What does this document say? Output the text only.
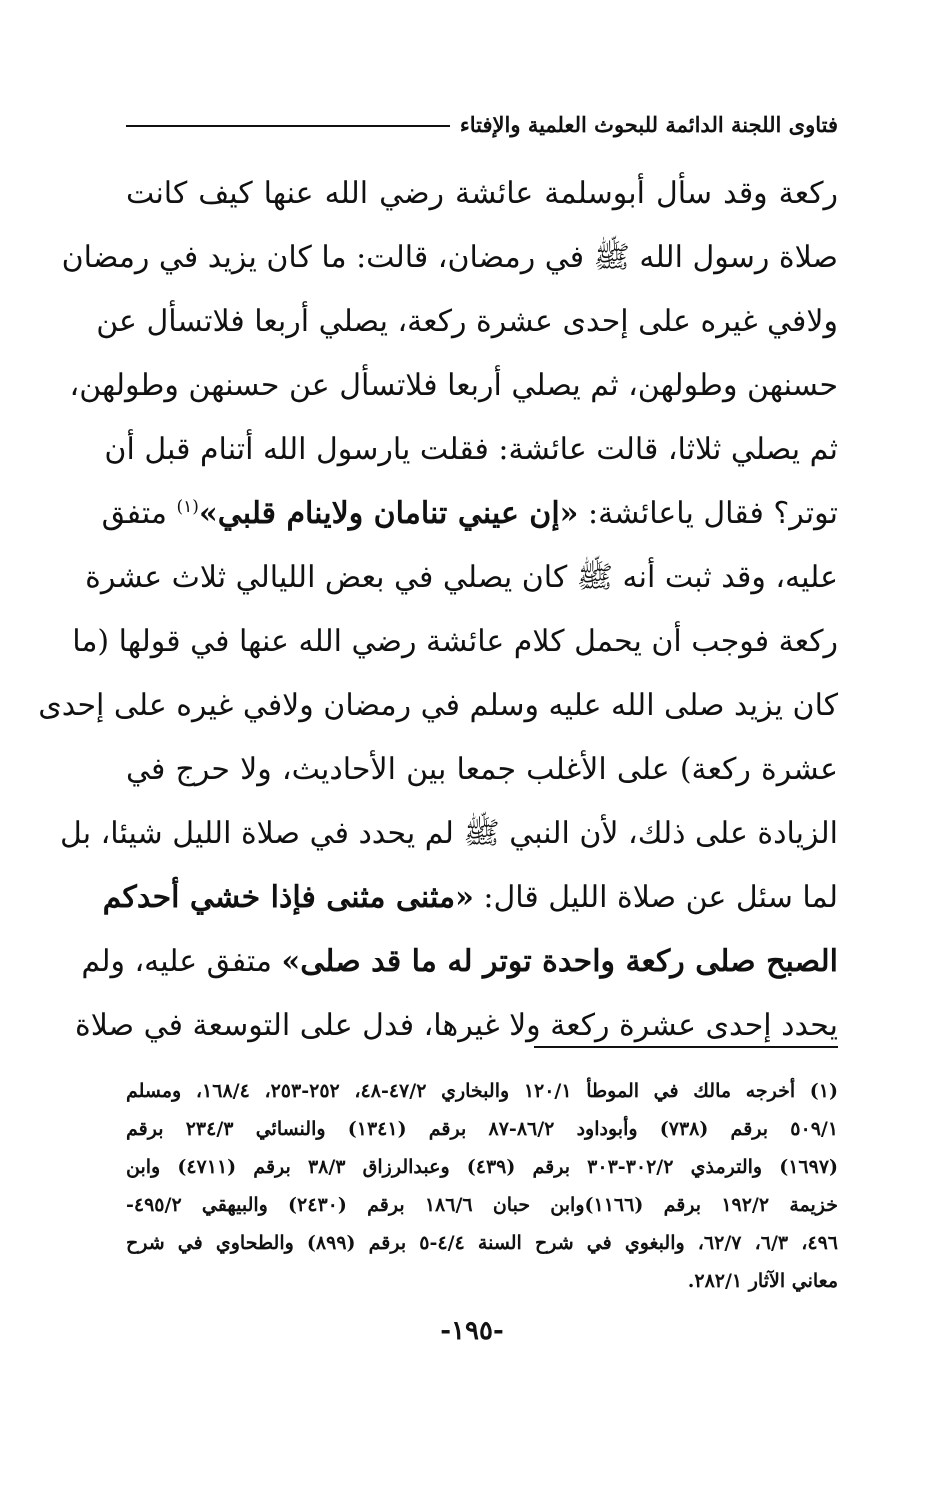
فتاوى اللجنة الدائمة للبحوث العلمية والإفتاء
ركعة وقد سأل أبوسلمة عائشة رضي الله عنها كيف كانت
صلاة رسول الله ﷺ في رمضان، قالت: ما كان يزيد في رمضان
ولافي غيره على إحدى عشرة ركعة، يصلي أربعا فلاتسأل عن
حسنهن وطولهن، ثم يصلي أربعا فلاتسأل عن حسنهن وطولهن،
ثم يصلي ثلاثا، قالت عائشة: فقلت يارسول الله أتنام قبل أن
توتر؟ فقال ياعائشة: «إن عيني تنامان ولاينام قلبي»$^{(١)}$ متفق
عليه، وقد ثبت أنه ﷺ كان يصلي في بعض الليالي ثلاث عشرة
ركعة فوجب أن يحمل كلام عائشة رضي الله عنها في قولها (ما
كان يزيد صلى الله عليه وسلم في رمضان ولافي غيره على إحدى
عشرة ركعة) على الأغلب جمعا بين الأحاديث، ولا حرج في
الزيادة على ذلك، لأن النبي ﷺ لم يحدد في صلاة الليل شيئا، بل
لما سئل عن صلاة الليل قال: «مثنى مثنى فإذا خشي أحدكم
الصبح صلى ركعة واحدة توتر له ما قد صلى» متفق عليه، ولم
يحدد إحدى عشرة ركعة ولا غيرها، فدل على التوسعة في صلاة
(١) أخرجه مالك في الموطأ ١٢٠/١ والبخاري ٤٧/٢-٤٨، ٢٥٢-٢٥٣، ١٦٨/٤، ومسلم
٥٠٩/١ برقم (٧٣٨) وأبوداود ٨٦/٢-٨٧ برقم (١٣٤١) والنسائي ٢٣٤/٣ برقم
(١٦٩٧) والترمذي ٣٠٢/٢-٣٠٣ برقم (٤٣٩) وعبدالرزاق ٣٨/٣ برقم (٤٧١١) وابن
خزيمة ١٩٢/٢ برقم (١١٦٦)وابن حبان ١٨٦/٦ برقم (٢٤٣٠) والبيهقي ٤٩٥/٢-
٤٩٦، ٦/٣، ٦٢/٧، والبغوي في شرح السنة ٤/٤-٥ برقم (٨٩٩) والطحاوي في شرح
معاني الآثار ٢٨٢/١.
-١٩٥-
